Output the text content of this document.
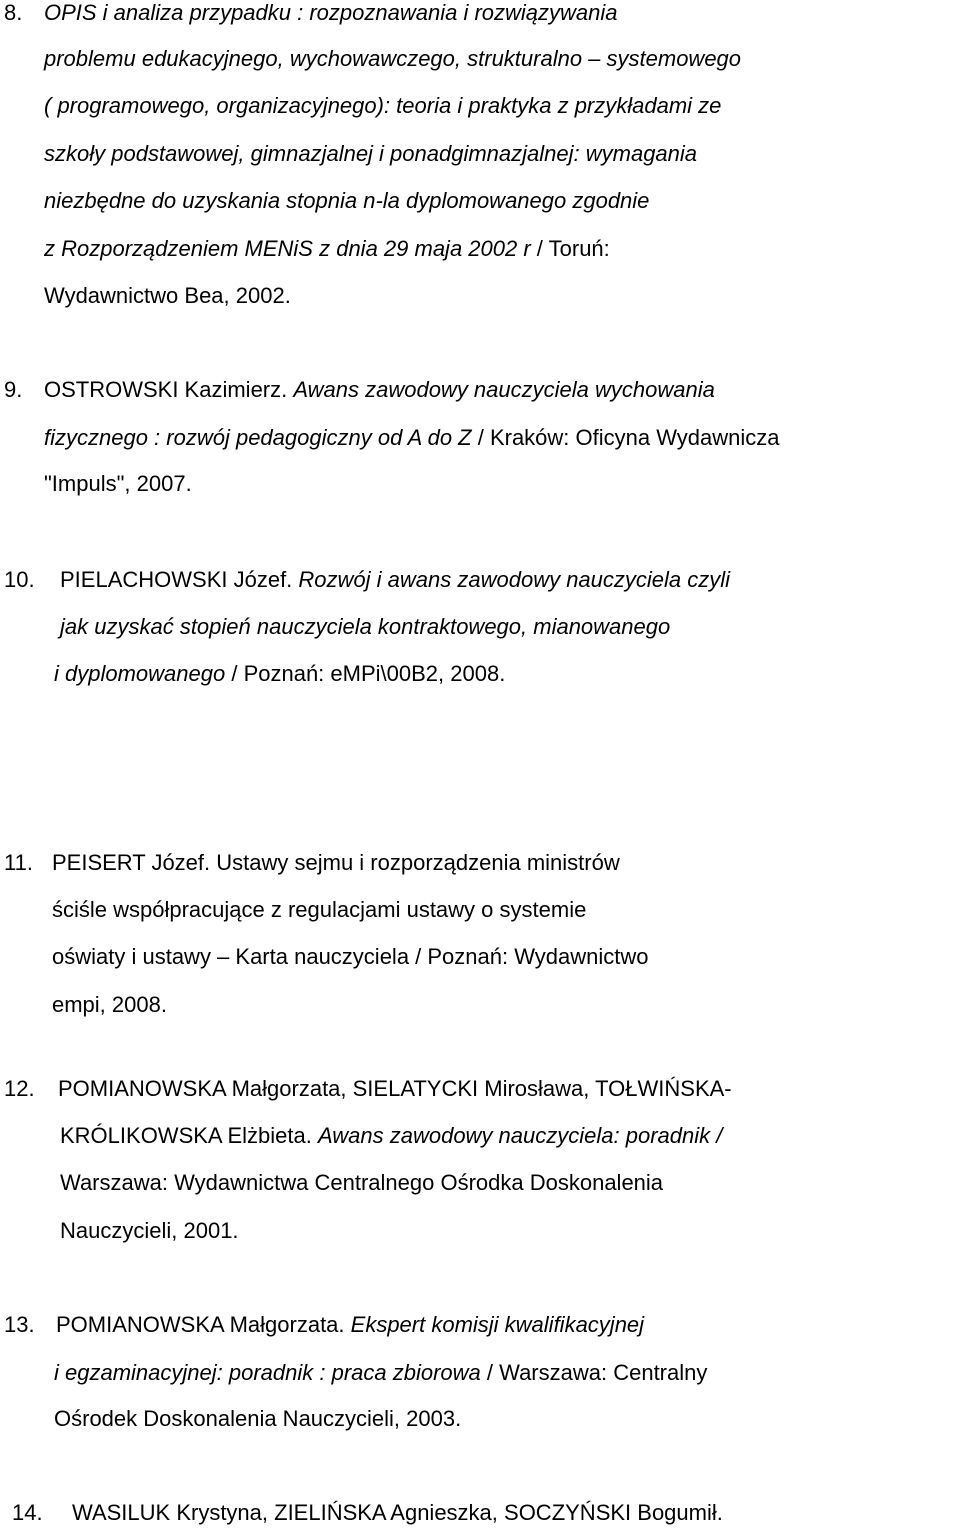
8. OPIS i analiza przypadku : rozpoznawania i rozwiązywania
problemu edukacyjnego, wychowawczego, strukturalno – systemowego
( programowego, organizacyjnego): teoria i praktyka z przykładami ze
szkoły podstawowej, gimnazjalnej i ponadgimnazjalnej: wymagania
niezbędne do uzyskania stopnia n-la dyplomowanego zgodnie
z Rozporządzeniem MENiS z dnia 29 maja 2002 r / Toruń:
Wydawnictwo Bea, 2002.
9. OSTROWSKI Kazimierz. Awans zawodowy nauczyciela wychowania
fizycznego : rozwój pedagogiczny od A do Z / Kraków: Oficyna Wydawnicza
"Impuls", 2007.
10. PIELACHOWSKI Józef. Rozwój i awans zawodowy nauczyciela czyli
jak uzyskać stopień nauczyciela kontraktowego, mianowanego
i dyplomowanego / Poznań: eMPi\00B2, 2008.
11. PEISERT Józef. Ustawy sejmu i rozporządzenia ministrów
ściśle współpracujące z regulacjami ustawy o systemie
oświaty i ustawy – Karta nauczyciela / Poznań: Wydawnictwo
empi, 2008.
12. POMIANOWSKA Małgorzata, SIELATYCKI Mirosława, TOŁWIŃSKA-
KRÓLIKOWSKA Elżbieta. Awans zawodowy nauczyciela: poradnik /
Warszawa: Wydawnictwa Centralnego Ośrodka Doskonalenia
Nauczycieli, 2001.
13. POMIANOWSKA Małgorzata. Ekspert komisji kwalifikacyjnej
i egzaminacyjnej: poradnik : praca zbiorowa / Warszawa: Centralny
Ośrodek Doskonalenia Nauczycieli, 2003.
14. WASILUK Krystyna, ZIELIŃSKA Agnieszka, SOCZYŃSKI Bogumił.
